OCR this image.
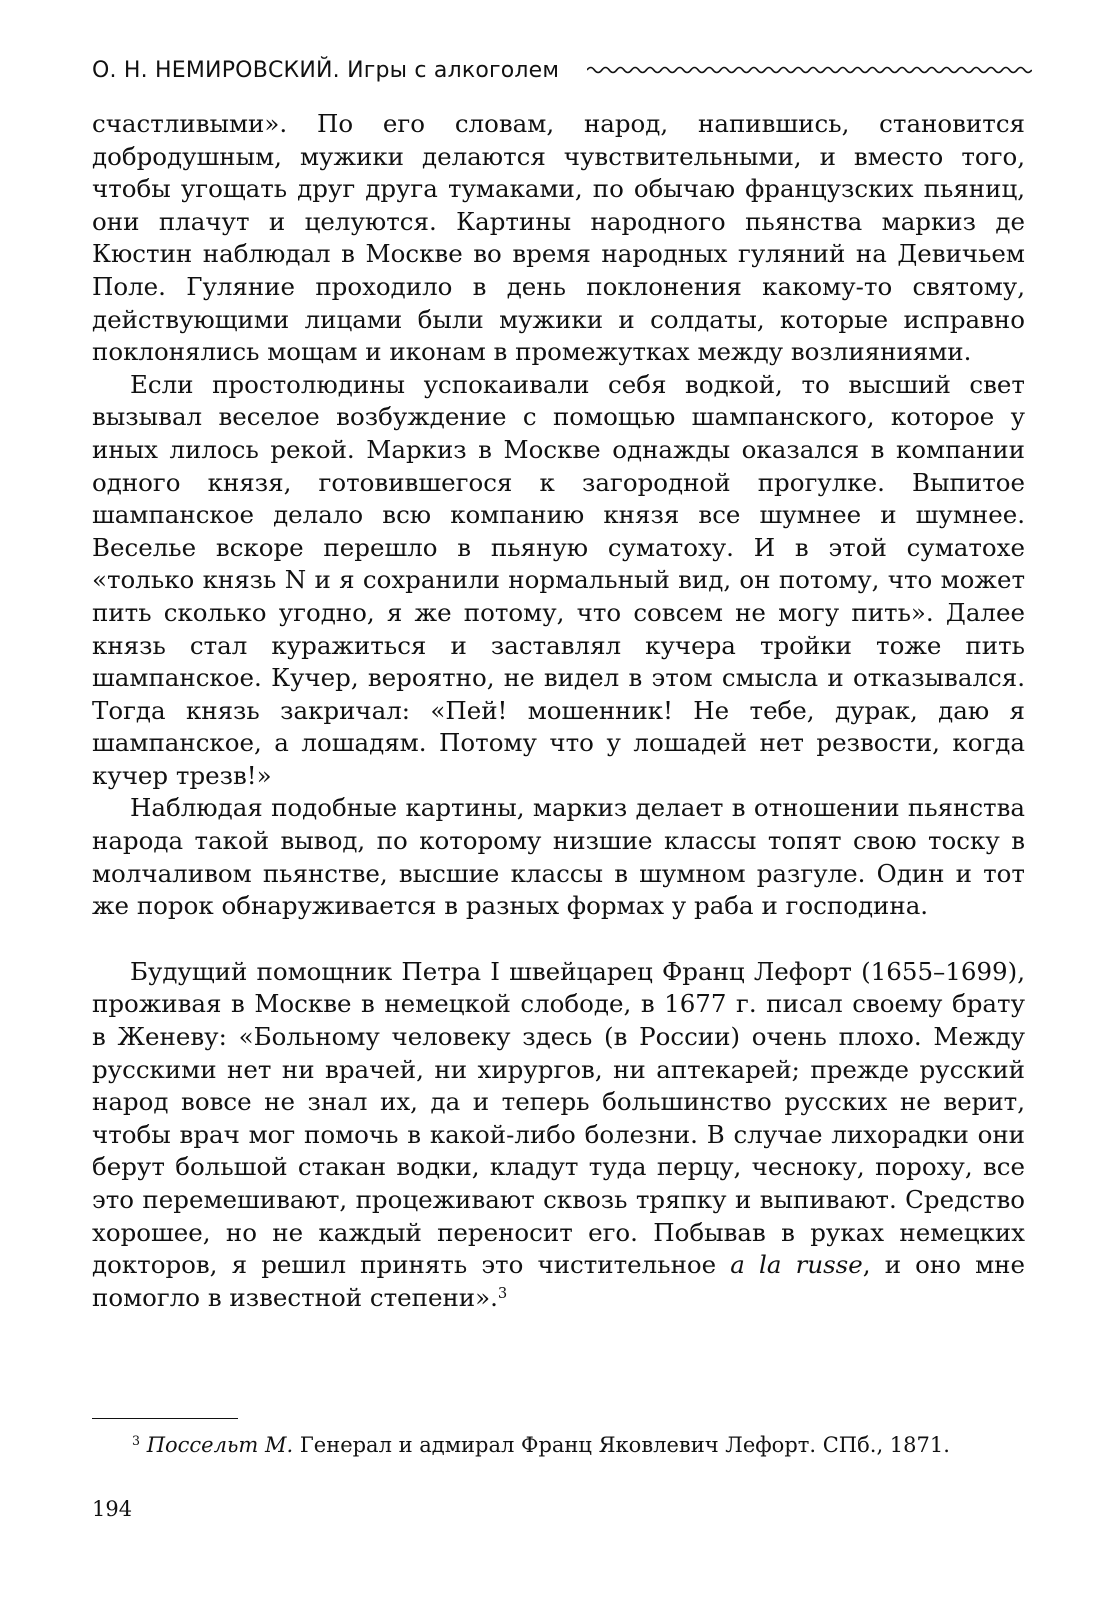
О. Н. НЕМИРОВСКИЙ. Игры с алкоголем

счастливыми». По его словам, народ, напившись, становится добродушным, мужики делаются чувствительными, и вместо того, чтобы угощать друг друга тумаками, по обычаю французских пьяниц, они плачут и целуются. Картины народного пьянства маркиз де Кюстин наблюдал в Москве во время народных гуляний на Девичьем Поле. Гуляние проходило в день поклонения какому-то святому, действующими лицами были мужики и солдаты, которые исправно поклонялись мощам и иконам в промежутках между возлияниями.

Если простолюдины успокаивали себя водкой, то высший свет вызывал веселое возбуждение с помощью шампанского, которое у иных лилось рекой. Маркиз в Москве однажды оказался в компании одного князя, готовившегося к загородной прогулке. Выпитое шампанское делало всю компанию князя все шумнее и шумнее. Веселье вскоре перешло в пьяную суматоху. И в этой суматохе «только князь N и я сохранили нормальный вид, он потому, что может пить сколько угодно, я же потому, что совсем не могу пить». Далее князь стал куражиться и заставлял кучера тройки тоже пить шампанское. Кучер, вероятно, не видел в этом смысла и отказывался. Тогда князь закричал: «Пей! мошенник! Не тебе, дурак, даю я шампанское, а лошадям. Потому что у лошадей нет резвости, когда кучер трезв!»

Наблюдая подобные картины, маркиз делает в отношении пьянства народа такой вывод, по которому низшие классы топят свою тоску в молчаливом пьянстве, высшие классы в шумном разгуле. Один и тот же порок обнаруживается в разных формах у раба и господина.

Будущий помощник Петра I швейцарец Франц Лефорт (1655–1699), проживая в Москве в немецкой слободе, в 1677 г. писал своему брату в Женеву: «Больному человеку здесь (в России) очень плохо. Между русскими нет ни врачей, ни хирургов, ни аптекарей; прежде русский народ вовсе не знал их, да и теперь большинство русских не верит, чтобы врач мог помочь в какой-либо болезни. В случае лихорадки они берут большой стакан водки, кладут туда перцу, чесноку, пороху, все это перемешивают, процеживают сквозь тряпку и выпивают. Средство хорошее, но не каждый переносит его. Побывав в руках немецких докторов, я решил принять это чистительное a la russe, и оно мне помогло в известной степени».$^3$

$^3$ Поссельт М. Генерал и адмирал Франц Яковлевич Лефорт. СПб., 1871.
194
